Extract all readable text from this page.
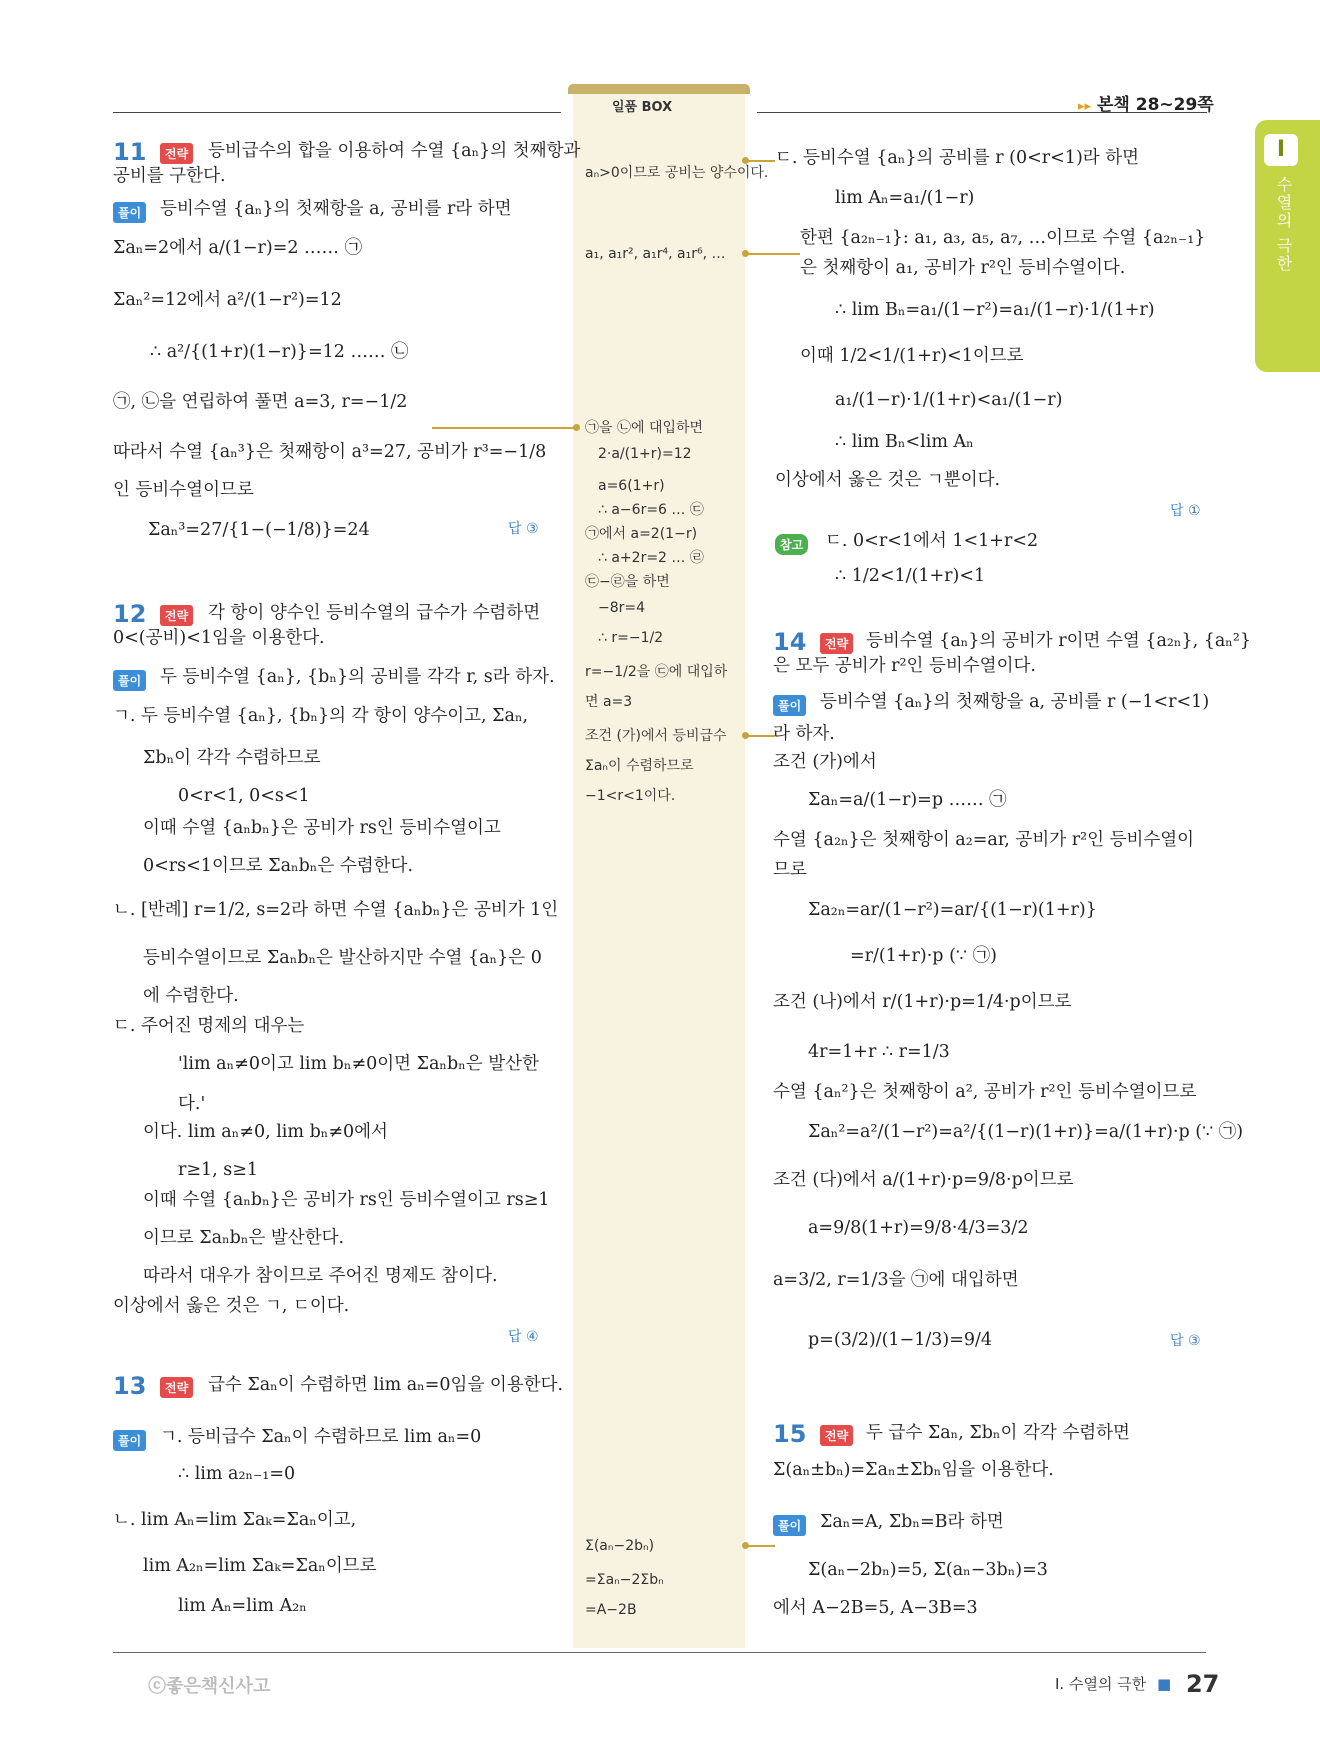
일품 BOX	▸▸ 본책 28~29쪽
I
수열의 극한
11	전략 등비급수의 합을 이용하여 수열 {aₙ}의 첫째항과
공비를 구한다.
풀이 등비수열 {aₙ}의 첫째항을 a, 공비를 r라 하면
Σaₙ=2에서 a/(1−r)=2 …… ㉠
Σaₙ²=12에서 a²/(1−r²)=12
∴ a²/{(1+r)(1−r)}=12 …… ㉡
㉠, ㉡을 연립하여 풀면 a=3, r=−1/2
따라서 수열 {aₙ³}은 첫째항이 a³=27, 공비가 r³=−1/8
인 등비수열이므로
Σaₙ³=27/{1−(−1/8)}=24	답 ③
12	전략 각 항이 양수인 등비수열의 급수가 수렴하면
0<(공비)<1임을 이용한다.
풀이 두 등비수열 {aₙ}, {bₙ}의 공비를 각각 r, s라 하자.
ㄱ. 두 등비수열 {aₙ}, {bₙ}의 각 항이 양수이고, Σaₙ,
Σbₙ이 각각 수렴하므로
0<r<1, 0<s<1
이때 수열 {aₙbₙ}은 공비가 rs인 등비수열이고
0<rs<1이므로 Σaₙbₙ은 수렴한다.
ㄴ. [반례] r=1/2, s=2라 하면 수열 {aₙbₙ}은 공비가 1인
등비수열이므로 Σaₙbₙ은 발산하지만 수열 {aₙ}은 0
에 수렴한다.
ㄷ. 주어진 명제의 대우는
'lim aₙ≠0이고 lim bₙ≠0이면 Σaₙbₙ은 발산한
다.'
이다. lim aₙ≠0, lim bₙ≠0에서
r≥1, s≥1
이때 수열 {aₙbₙ}은 공비가 rs인 등비수열이고 rs≥1
이므로 Σaₙbₙ은 발산한다.
따라서 대우가 참이므로 주어진 명제도 참이다.
이상에서 옳은 것은 ㄱ, ㄷ이다.
답 ④
13	전략 급수 Σaₙ이 수렴하면 lim aₙ=0임을 이용한다.
풀이 ㄱ. 등비급수 Σaₙ이 수렴하므로 lim aₙ=0
∴ lim a₂ₙ₋₁=0
ㄴ. lim Aₙ=lim Σaₖ=Σaₙ이고,
lim A₂ₙ=lim Σaₖ=Σaₙ이므로
lim Aₙ=lim A₂ₙ
aₙ>0이므로 공비는 양수이다.
a₁, a₁r², a₁r⁴, a₁r⁶, …
㉠을 ㉡에 대입하면
2·a/(1+r)=12
a=6(1+r)
∴ a−6r=6 … ㉢
㉠에서 a=2(1−r)
∴ a+2r=2 … ㉣
㉢−㉣을 하면
−8r=4
∴ r=−1/2
r=−1/2을 ㉢에 대입하
면 a=3
조건 (가)에서 등비급수
Σaₙ이 수렴하므로
−1<r<1이다.
Σ(aₙ−2bₙ)
=Σaₙ−2Σbₙ
=A−2B
ㄷ. 등비수열 {aₙ}의 공비를 r (0<r<1)라 하면
lim Aₙ=a₁/(1−r)
한편 {a₂ₙ₋₁}: a₁, a₃, a₅, a₇, …이므로 수열 {a₂ₙ₋₁}
은 첫째항이 a₁, 공비가 r²인 등비수열이다.
∴ lim Bₙ=a₁/(1−r²)=a₁/(1−r)·1/(1+r)
이때 1/2<1/(1+r)<1이므로
a₁/(1−r)·1/(1+r)<a₁/(1−r)
∴ lim Bₙ<lim Aₙ
이상에서 옳은 것은 ㄱ뿐이다.
답 ①
참고 ㄷ. 0<r<1에서 1<1+r<2
∴ 1/2<1/(1+r)<1
14	전략 등비수열 {aₙ}의 공비가 r이면 수열 {a₂ₙ}, {aₙ²}
은 모두 공비가 r²인 등비수열이다.
풀이 등비수열 {aₙ}의 첫째항을 a, 공비를 r (−1<r<1)
라 하자.
조건 (가)에서
Σaₙ=a/(1−r)=p …… ㉠
수열 {a₂ₙ}은 첫째항이 a₂=ar, 공비가 r²인 등비수열이
므로
Σa₂ₙ=ar/(1−r²)=ar/{(1−r)(1+r)}
=r/(1+r)·p (∵ ㉠)
조건 (나)에서 r/(1+r)·p=1/4·p이므로
4r=1+r ∴ r=1/3
수열 {aₙ²}은 첫째항이 a², 공비가 r²인 등비수열이므로
Σaₙ²=a²/(1−r²)=a²/{(1−r)(1+r)}=a/(1+r)·p (∵ ㉠)
조건 (다)에서 a/(1+r)·p=9/8·p이므로
a=9/8(1+r)=9/8·4/3=3/2
a=3/2, r=1/3을 ㉠에 대입하면
p=(3/2)/(1−1/3)=9/4	답 ③
15	전략 두 급수 Σaₙ, Σbₙ이 각각 수렴하면
Σ(aₙ±bₙ)=Σaₙ±Σbₙ임을 이용한다.
풀이 Σaₙ=A, Σbₙ=B라 하면
Σ(aₙ−2bₙ)=5, Σ(aₙ−3bₙ)=3
에서 A−2B=5, A−3B=3
ⓒ좋은책신사고	I. 수열의 극한 ■ 27
